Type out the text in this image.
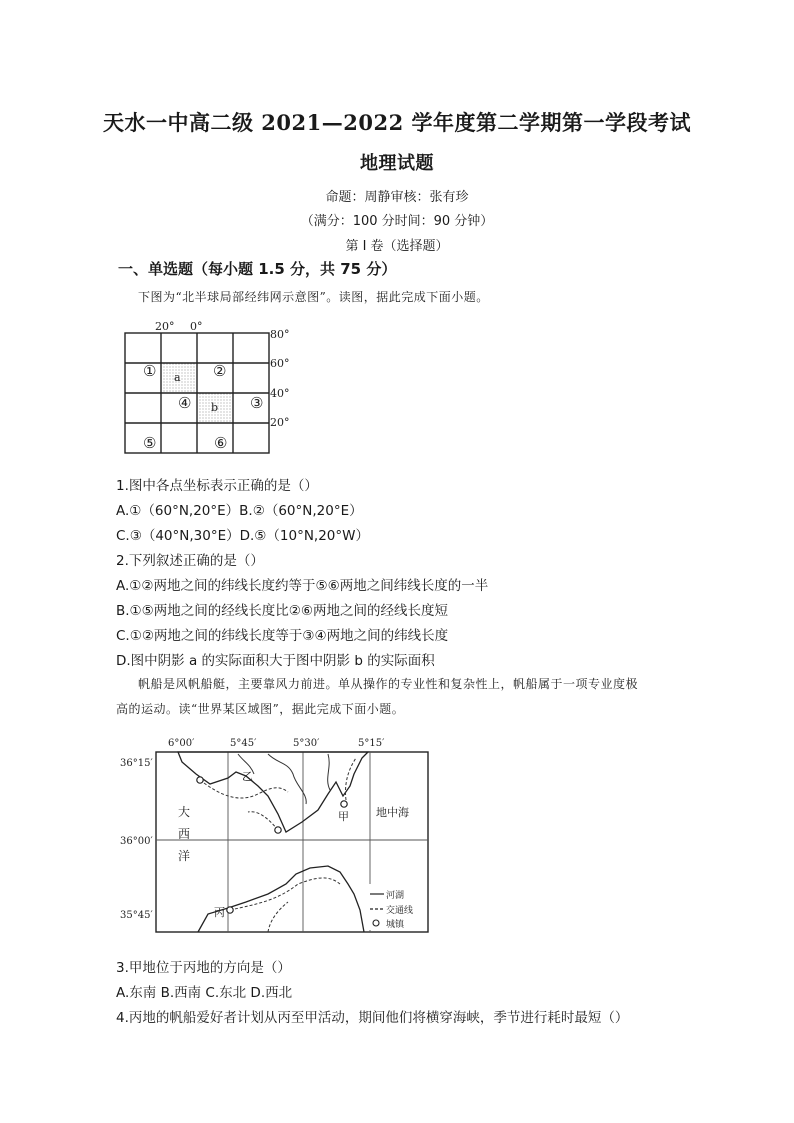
天水一中高二级 2021—2022 学年度第二学期第一学段考试
地理试题
命题：周静审核：张有珍
（满分：100 分时间：90 分钟）
第 I 卷（选择题）
一、单选题（每小题 1.5 分，共 75 分）
下图为“北半球局部经纬网示意图”。读图，据此完成下面小题。
20° 0°
80°
60°
40°
20°
①	②
③
④
⑤	⑥
a
b
1.图中各点坐标表示正确的是（）
A.①（60°N,20°E）B.②（60°N,20°E）
C.③（40°N,30°E）D.⑤（10°N,20°W）
2.下列叙述正确的是（）
A.①②两地之间的纬线长度约等于⑤⑥两地之间纬线长度的一半
B.①⑤两地之间的经线长度比②⑥两地之间的经线长度短
C.①②两地之间的纬线长度等于③④两地之间的纬线长度
D.图中阴影 a 的实际面积大于图中阴影 b 的实际面积
帆船是风帆船艇，主要靠风力前进。单从操作的专业性和复杂性上，帆船属于一项专业度极
高的运动。读“世界某区域图”，据此完成下面小题。
6°00′	5°45′	5°30′	5°15′
36°15′
36°00′
35°45′
大
西
洋
地中海
甲
乙
丙
河湖
交通线
城镇
3.甲地位于丙地的方向是（）
A.东南 B.西南 C.东北 D.西北
4.丙地的帆船爱好者计划从丙至甲活动，期间他们将横穿海峡，季节进行耗时最短（）
